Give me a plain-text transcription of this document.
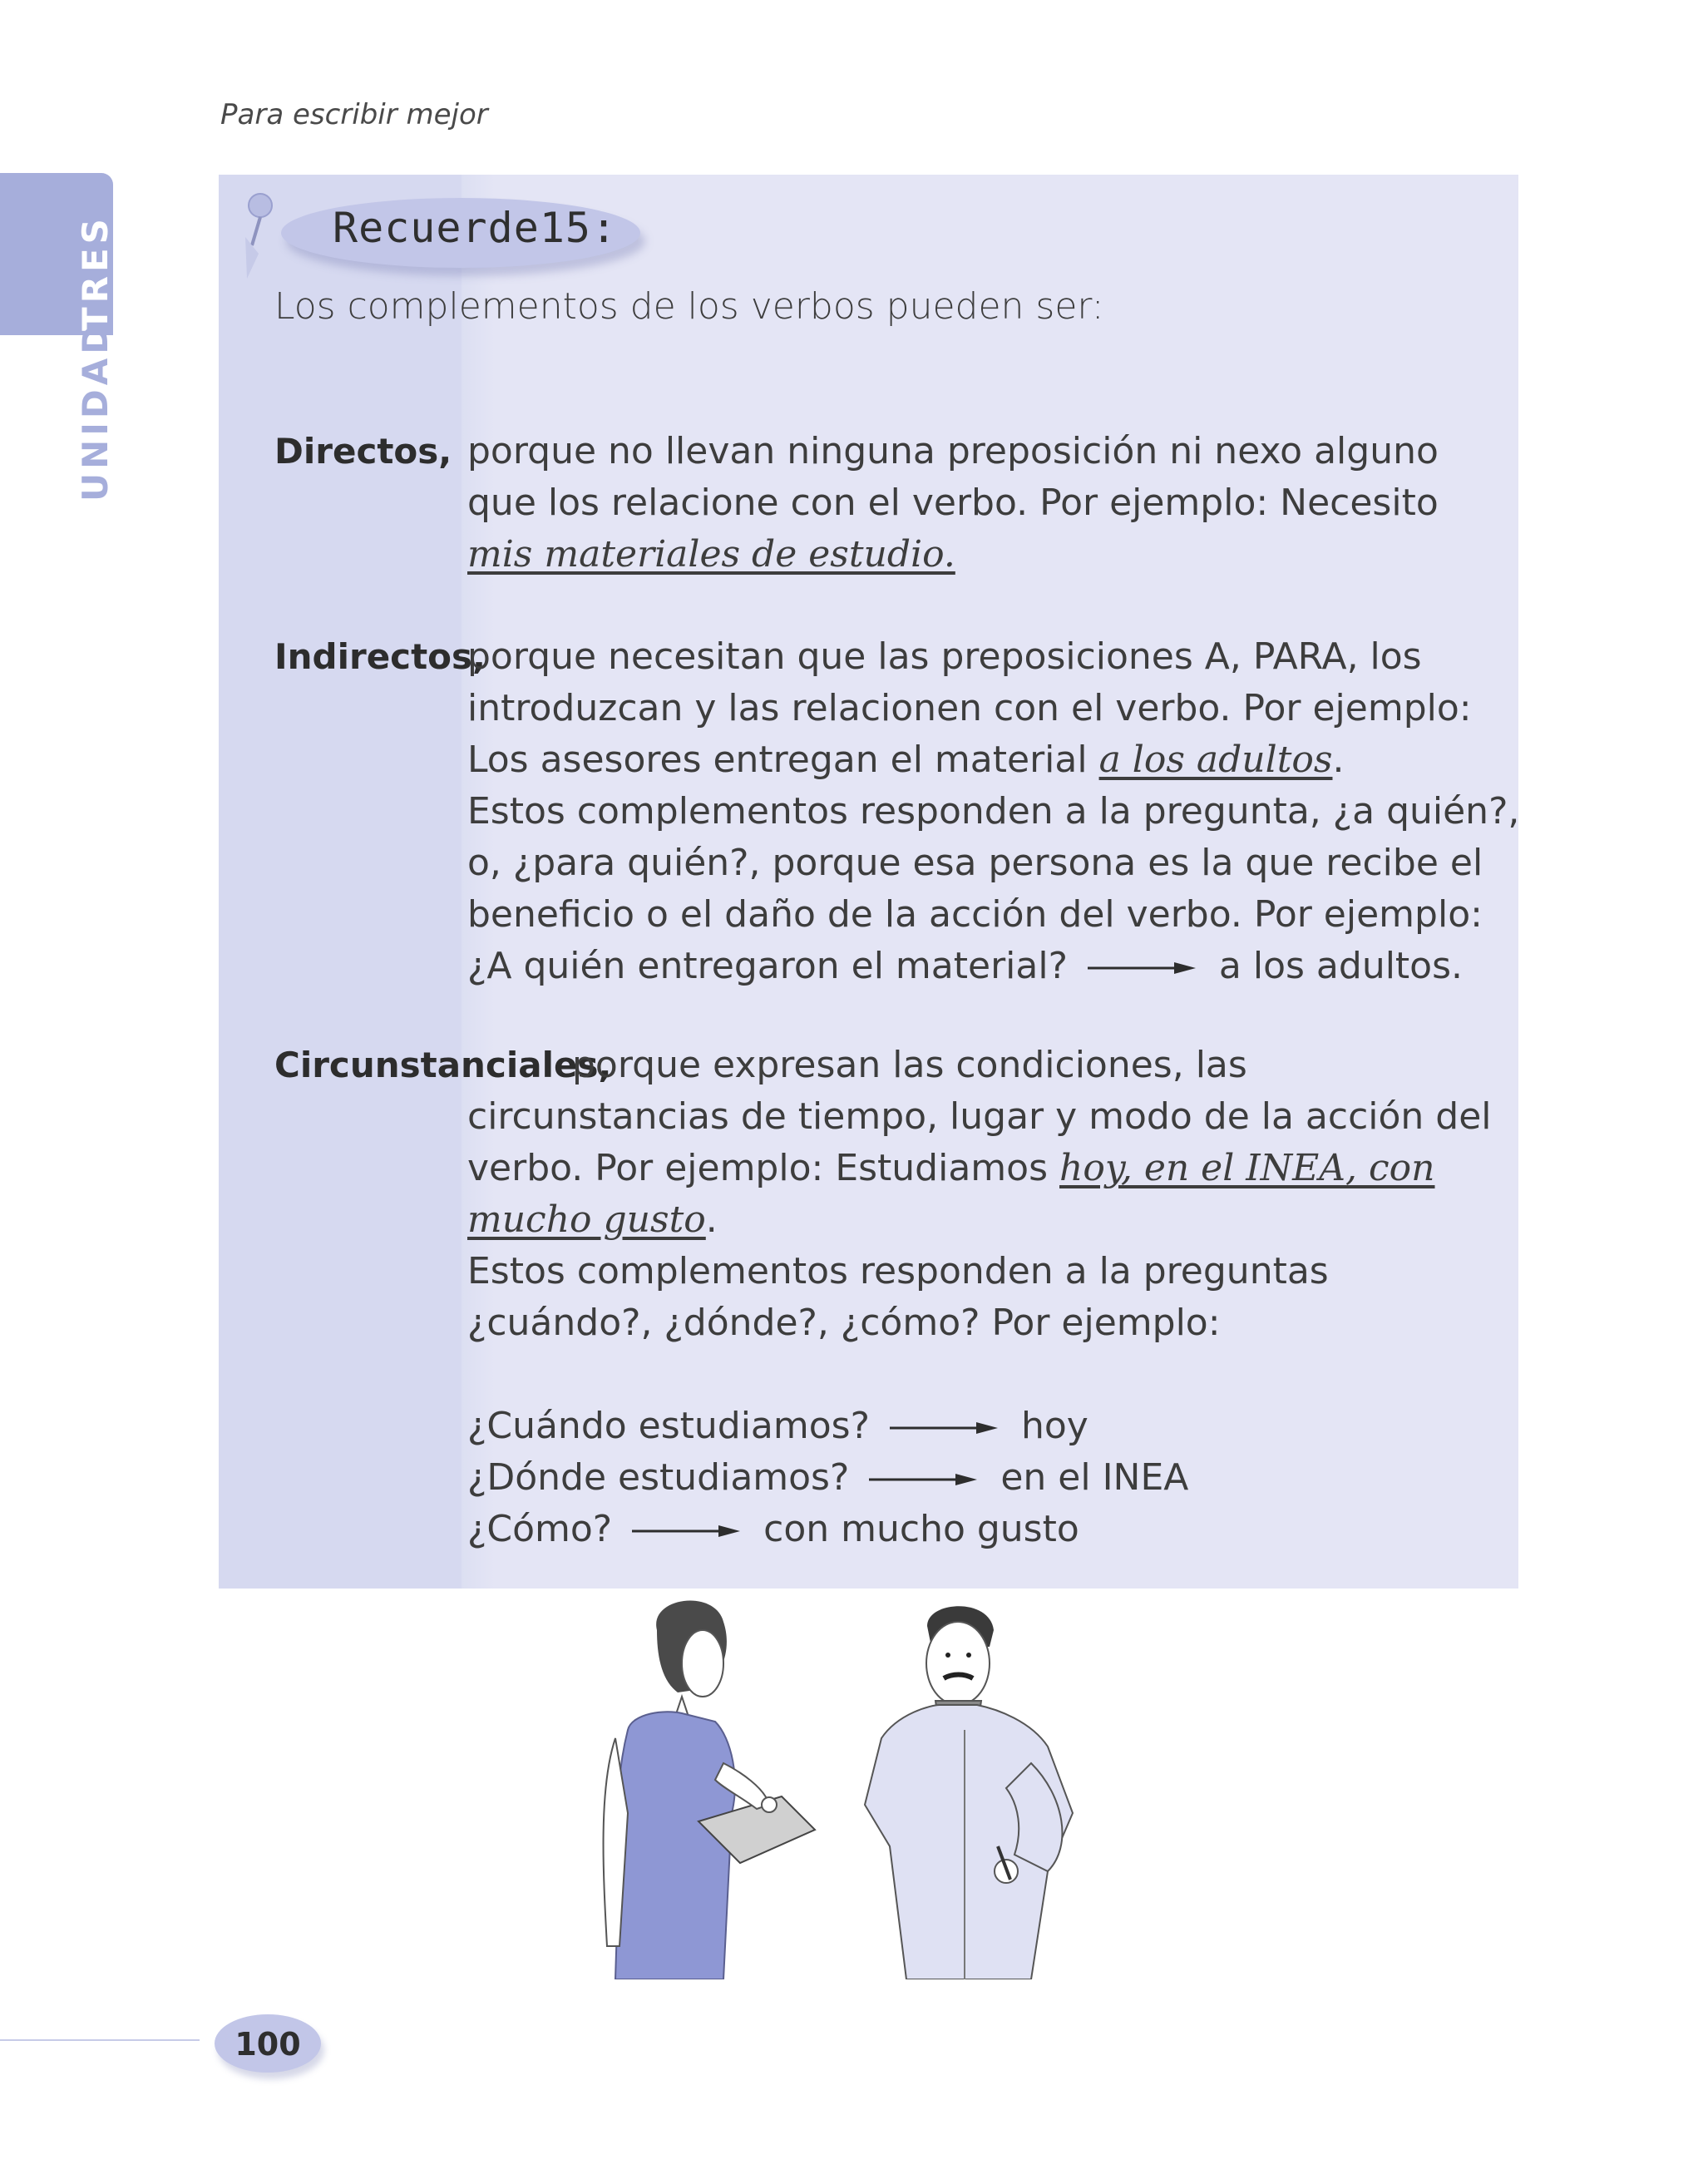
Para escribir mejor
TRES
UNIDAD
Recuerde15:
Los complementos de los verbos pueden ser:
Directos, porque no llevan ninguna preposición ni nexo alguno
que los relacione con el verbo. Por ejemplo: Necesito
mis materiales de estudio.
Indirectos,
porque necesitan que las preposiciones A, PARA, los
introduzcan y las relacionen con el verbo. Por ejemplo:
Los asesores entregan el material a los adultos.
Estos complementos responden a la pregunta, ¿a quién?,
o, ¿para quién?, porque esa persona es la que recibe el
beneficio o el daño de la acción del verbo. Por ejemplo:
¿A quién entregaron el material?	a los adultos.
Circunstanciales,
porque expresan las condiciones, las
circunstancias de tiempo, lugar y modo de la acción del
verbo. Por ejemplo: Estudiamos hoy, en el INEA, con
mucho gusto.
Estos complementos responden a la preguntas
¿cuándo?, ¿dónde?, ¿cómo? Por ejemplo:
¿Cuándo estudiamos?	hoy
¿Dónde estudiamos?	en el INEA
¿Cómo?	con mucho gusto
100
